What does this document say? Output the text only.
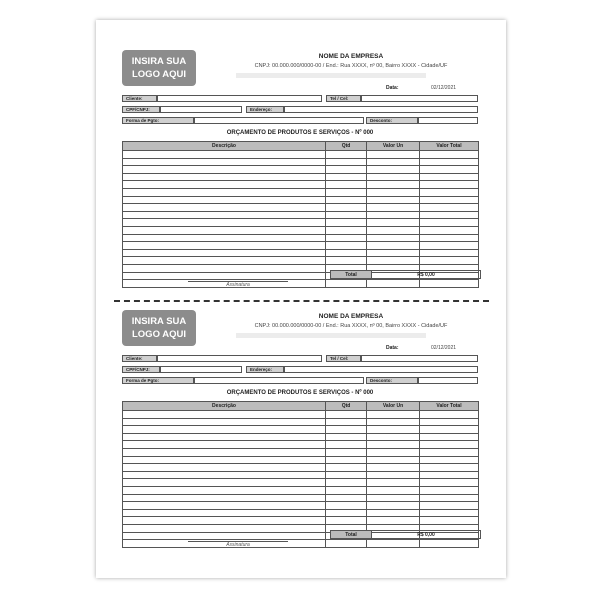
INSIRA SUA
LOGO AQUI
NOME DA EMPRESA
CNPJ: 00.000.000/0000-00 / End.: Rua XXXX, nº 00, Bairro XXXX - Cidade/UF
Data:	02/12/2021
Cliente:	Tel / Cel:
CPF/CNPJ:	Endereço:
Forma de Pgto:	Desconto:
ORÇAMENTO DE PRODUTOS E SERVIÇOS - Nº 000
Descrição	Qtd	Valor Un	Valor Total

Total	R$ 0,00
Assinatura
INSIRA SUA
LOGO AQUI
NOME DA EMPRESA
CNPJ: 00.000.000/0000-00 / End.: Rua XXXX, nº 00, Bairro XXXX - Cidade/UF
Data:	02/12/2021
Cliente:	Tel / Cel:
CPF/CNPJ:	Endereço:
Forma de Pgto:	Desconto:
ORÇAMENTO DE PRODUTOS E SERVIÇOS - Nº 000
Descrição	Qtd	Valor Un	Valor Total

Total	R$ 0,00
Assinatura
